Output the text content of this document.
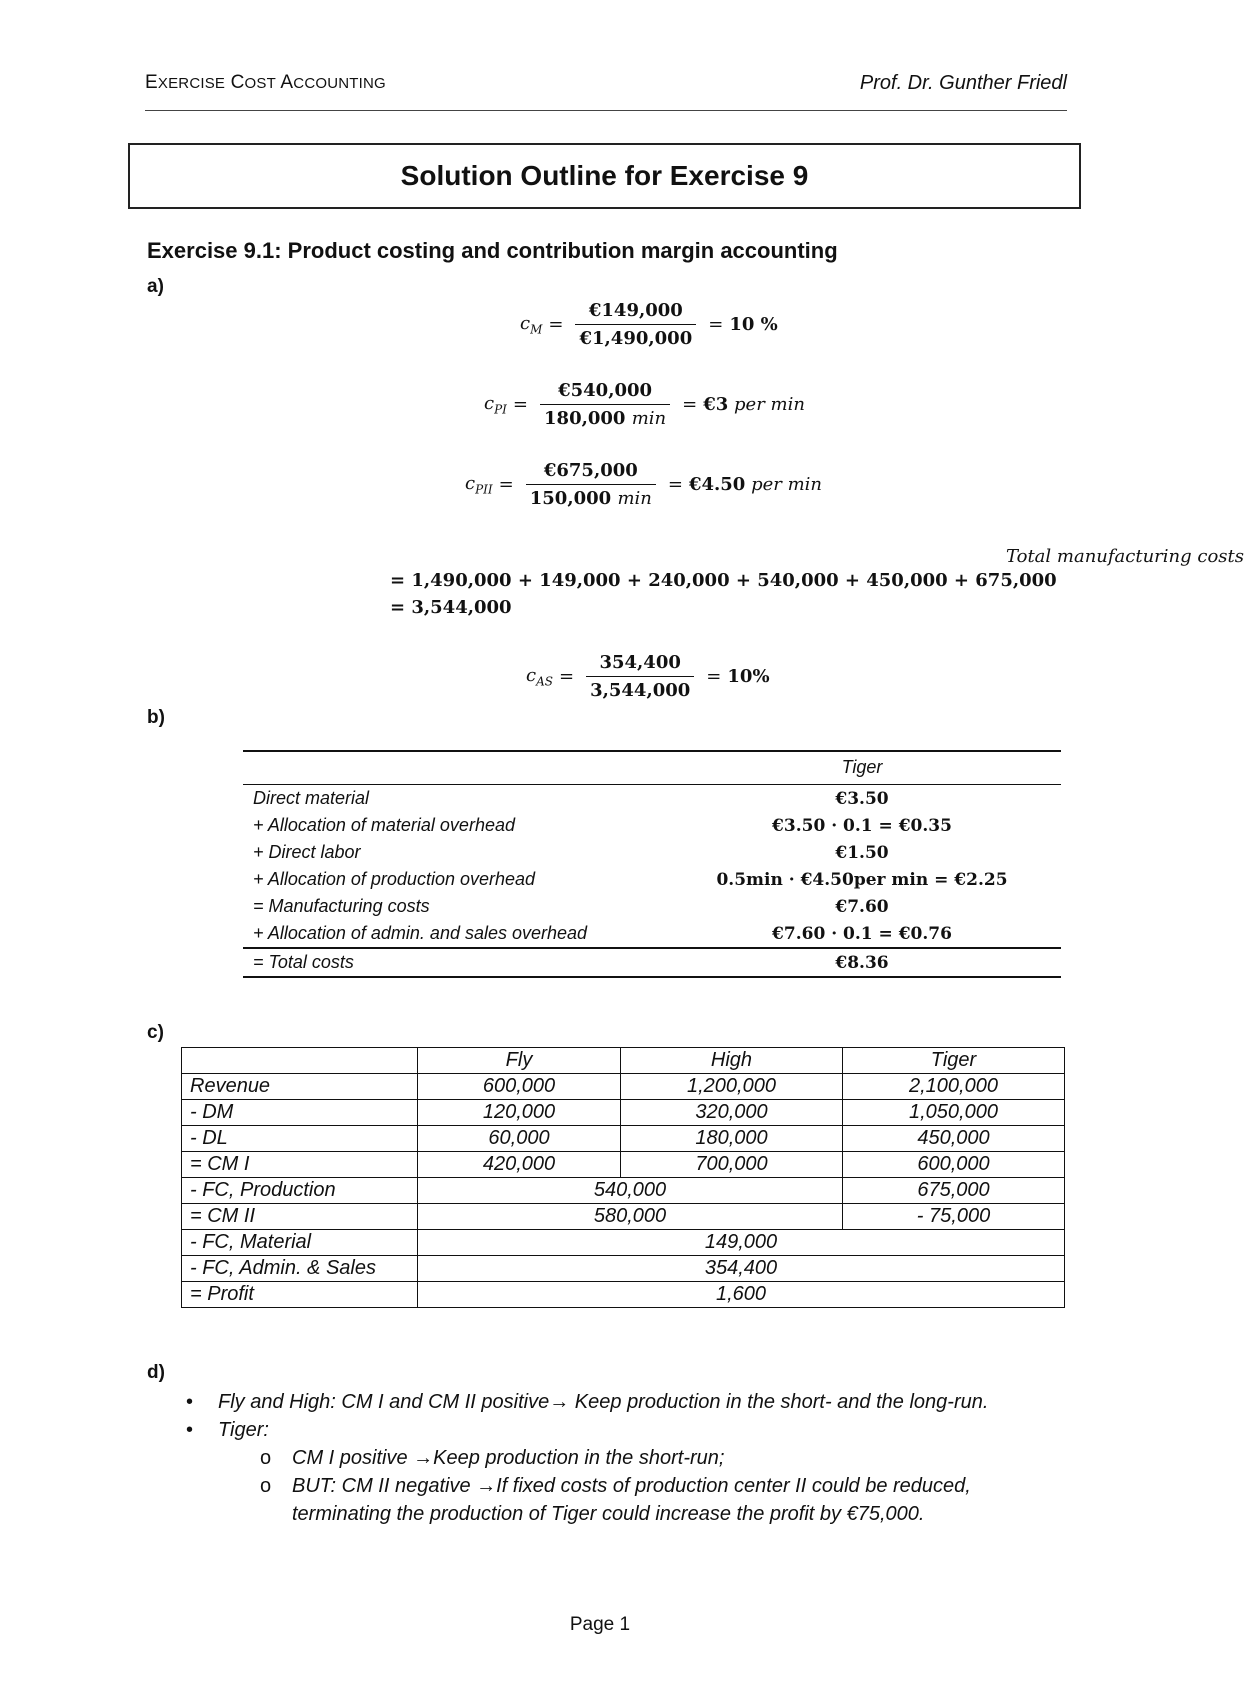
EXERCISE COST ACCOUNTING	Prof. Dr. Gunther Friedl
Solution Outline for Exercise 9
Exercise 9.1: Product costing and contribution margin accounting
a)
$c_M = \frac{€149,000}{€1,490,000} = 10$ %
$c_{PI} = \frac{€540,000}{180,000 \min}$ = €3
per min
$c_{PII} = \frac{€675,000}{150,000 \min}$ = €4.50
per min
Total manufacturing costs
= 1,490,000 + 149,000 + 240,000 + 540,000 + 450,000 + 675,000
= 3,544,000
$c_{AS} = \frac{354,400}{3,544,000} = 10\%$
b)
	Tiger
Direct material	€3.50
+ Allocation of material overhead	€3.50 · 0.1 = €0.35
+ Direct labor	€1.50
+ Allocation of production overhead	0.5min · €4.50per min = €2.25
= Manufacturing costs	€7.60
+ Allocation of admin. and sales overhead	€7.60 · 0.1 = €0.76
= Total costs	€8.36
c)
	Fly	High	Tiger
Revenue	600,000	1,200,000	2,100,000
- DM	120,000	320,000	1,050,000
- DL	60,000	180,000	450,000
= CM I	420,000	700,000	600,000
- FC, Production	540,000		675,000
= CM II	580,000		- 75,000
- FC, Material	149,000		
- FC, Admin. & Sales	354,400		
= Profit	1,600		
d)
• Fly and High: CM I and CM II positive→ Keep production in the short- and the long-run.
• Tiger:
o CM I positive →Keep production in the short-run;
o BUT: CM II negative →If fixed costs of production center II could be reduced, terminating the production of Tiger could increase the profit by €75,000.
Page 1
